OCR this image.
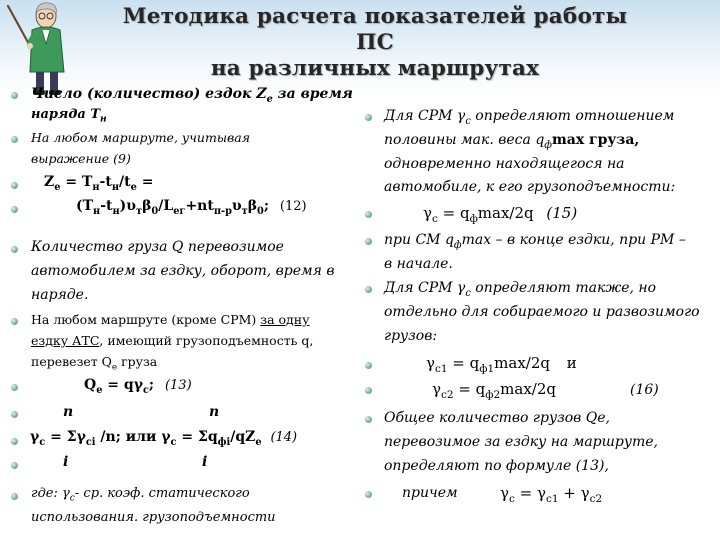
Методика расчета показателей работы ПС
на различных маршрутах
Число (количество) ездок $Z_е$ за время
наряда $Т_н$
На любом маршруте, учитывая
выражение (9)
$Z_е = Т_н-t_н/t_е$ =
$(Т_н-t_н)\upsilon_т\beta_0/L_{ег}+nt_{п-р}\upsilon_т\beta_0$; (12)
Количество груза Q перевозимое
автомобилем за ездку, оборот, время в
наряде.
На любом маршруте (кроме СРМ) за одну
ездку АТС, имеющий грузоподъемность q,
перевезет $Q_е$ груза
$Q_е = q\gamma_с$; (13)
n	n
$\gamma_с = \Sigma\gamma_{сi}$ /n; или $\gamma_с = \Sigma q_{фi}/qZ_е$ (14)
i	i
где: $\gamma_с-$ ср. коэф. статического
использования. грузоподъемности
Для СРМ $\gamma_с$ определяют отношением
половины мак. веса $q_ф\max$ груза,
одновременно находящегося на
автомобиле, к его грузоподъемности:
$\gamma_с = q_ф\max/2q$ (15)
при СМ $q_ф\max$ – в конце ездки, при РМ –
в начале.
Для СРМ $\gamma_с$ определяют также, но
отдельно для собираемого и развозимого
грузов:
$\gamma_{с1} = q_{ф1}\max/2q$ и
$\gamma_{с2} = q_{ф2}\max/2q$	(16)
Общее количество грузов Qе,
перевозимое за ездку на маршруте,
определяют по формуле (13),
причем	$\gamma_с = \gamma_{с1} + \gamma_{с2}$
